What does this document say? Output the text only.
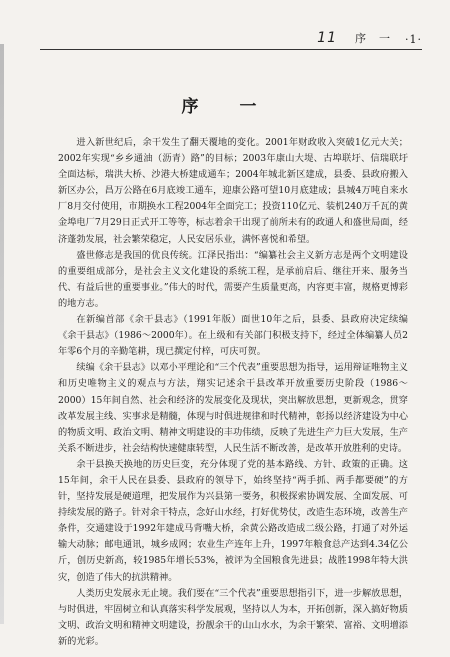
11 序　一 ·1·
序　一

进入新世纪后，余干发生了翻天覆地的变化。2001年财政收入突破1亿元大关；2002年实现“乡乡通油（沥青）路”的目标；2003年康山大堤、古埠联圩、信瑞联圩全面达标，瑞洪大桥、沙港大桥建成通车；2004年城北新区建成，县委、县政府搬入新区办公，昌万公路在6月底竣工通车，迎康公路可望10月底建成；县城4万吨自来水厂8月交付使用，市期换水工程2004年全面完工；投资110亿元、装机240万千瓦的黄金埠电厂7月29日正式开工等等，标志着余干出现了前所未有的政通人和盛世局面，经济蓬勃发展，社会繁荣稳定，人民安居乐业，满怀喜悦和希望。

盛世修志是我国的优良传统。江泽民指出：“编纂社会主义新方志是两个文明建设的重要组成部分，是社会主义文化建设的系统工程，是承前启后、继往开来、服务当代、有益后世的重要事业。”伟大的时代，需要产生质量更高，内容更丰富，规格更博彩的地方志。

在新编首部《余干县志》（1991年版）面世10年之后，县委、县政府决定续编《余干县志》（1986～2000年）。在上级和有关部门积极支持下，经过全体编纂人员2年零6个月的辛勤笔耕，现已撰定付梓，可庆可贺。

续编《余干县志》以邓小平理论和“三个代表”重要思想为指导，运用辩证唯物主义和历史唯物主义的观点与方法，翔实记述余干县改革开放重要历史阶段（1986～2000）15年间自然、社会和经济的发展变化及现状，突出解放思想，更新观念，贯穿改革发展主线、实事求是精髓，体现与时俱进规律和时代精神，彰扬以经济建设为中心的物质文明、政治文明、精神文明建设的丰功伟绩，反映了先进生产力巨大发展，生产关系不断进步，社会结构快速健康转型，人民生活不断改善，是改革开放胜利的史诗。

余干县换天换地的历史巨变，充分体现了党的基本路线、方针、政策的正确。这15年间，余干人民在县委、县政府的领导下，始终坚持“两手抓、两手都要硬”的方针，坚持发展是硬道理，把发展作为兴县第一要务，积极探索协调发展、全面发展、可持续发展的路子。针对余干特点，念好山水经，打好优势仗，改造生态环境，改善生产条件，交通建设于1992年建成马背嘴大桥，余黄公路改造成二级公路，打通了对外运输大动脉；邮电通讯，城乡成网；农业生产连年上升，1997年粮食总产达到4.34亿公斤，创历史新高，较1985年增长53%，被评为全国粮食先进县；战胜1998年特大洪灾，创造了伟大的抗洪精神。

人类历史发展永无止境。我们要在“三个代表”重要思想指引下，进一步解放思想，与时俱进，牢固树立和认真落实科学发展观，坚持以人为本，开拓创新，深入搞好物质文明、政治文明和精神文明建设，扮靓余干的山山水水，为余干繁荣、富裕、文明增添新的光彩。
